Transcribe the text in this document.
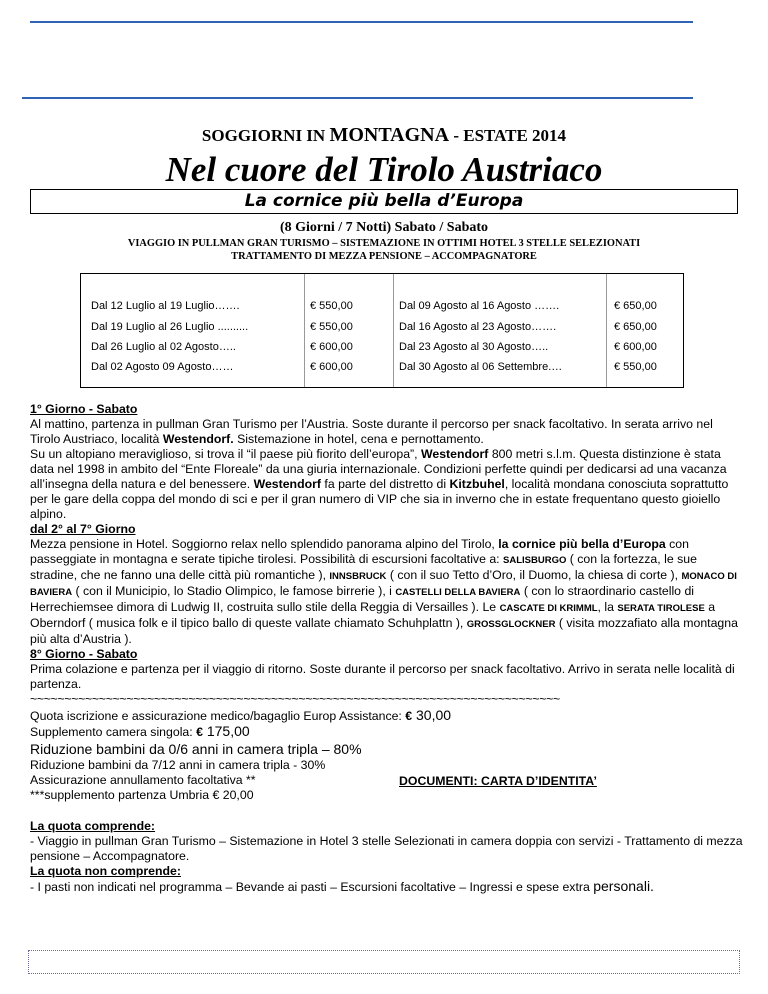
SOGGIORNI IN MONTAGNA - ESTATE 2014
Nel cuore del Tirolo Austriaco
La cornice più bella d’Europa
(8 Giorni / 7 Notti) Sabato / Sabato
VIAGGIO IN PULLMAN GRAN TURISMO – SISTEMAZIONE IN OTTIMI HOTEL 3 STELLE SELEZIONATI
TRATTAMENTO DI MEZZA PENSIONE – ACCOMPAGNATORE
Dal 12 Luglio al 19 Luglio…….	€ 550,00	Dal 09 Agosto al 16 Agosto …….	€ 650,00
Dal 19 Luglio al 26 Luglio ..........	€ 550,00	Dal 16 Agosto al 23 Agosto…….	€ 650,00
Dal 26 Luglio al 02 Agosto…..	€ 600,00	Dal 23 Agosto al 30 Agosto…..	€ 600,00
Dal 02 Agosto 09 Agosto……	€ 600,00	Dal 30 Agosto al 06 Settembre.…	€ 550,00

1° Giorno - Sabato

Al mattino, partenza in pullman Gran Turismo per l’Austria. Soste durante il percorso per snack facoltativo. In serata arrivo nel Tirolo Austriaco, località Westendorf. Sistemazione in hotel, cena e pernottamento.

Su un altopiano meraviglioso, si trova il “il paese più fiorito dell’europa”, Westendorf 800 metri s.l.m. Questa distinzione è stata data nel 1998 in ambito del “Ente Floreale” da una giuria internazionale. Condizioni perfette quindi per dedicarsi ad una vacanza all’insegna della natura e del benessere. Westendorf fa parte del distretto di Kitzbuhel, località mondana conosciuta soprattutto per le gare della coppa del mondo di sci e per il gran numero di VIP che sia in inverno che in estate frequentano questo gioiello alpino.

dal 2° al 7° Giorno

Mezza pensione in Hotel. Soggiorno relax nello splendido panorama alpino del Tirolo, la cornice più bella d’Europa con passeggiate in montagna e serate tipiche tirolesi. Possibilità di escursioni facoltative a: SALISBURGO ( con la fortezza, le sue stradine, che ne fanno una delle città più romantiche ), INNSBRUCK ( con il suo Tetto d’Oro, il Duomo, la chiesa di corte ), MONACO DI BAVIERA ( con il Municipio, lo Stadio Olimpico, le famose birrerie ), i CASTELLI DELLA BAVIERA ( con lo straordinario castello di Herrechiemsee dimora di Ludwig II, costruita sullo stile della Reggia di Versailles ). Le CASCATE DI KRIMML, la SERATA TIROLESE a Oberndorf ( musica folk e il tipico ballo di queste vallate chiamato Schuhplattn ), GROSSGLOCKNER ( visita mozzafiato alla montagna più alta d’Austria ).

8° Giorno - Sabato

Prima colazione e partenza per il viaggio di ritorno. Soste durante il percorso per snack facoltativo. Arrivo in serata nelle località di partenza.

~~~~~~~~~~~~~~~~~~~~~~~~~~~~~~~~~~~~~~~~~~~~~~~~~~~~~~~~~~~~~~~~~~~~~~~~~~~~~

Quota iscrizione e assicurazione medico/bagaglio Europ Assistance: € 30,00

Supplemento camera singola: € 175,00

Riduzione bambini da 0/6 anni in camera tripla – 80%

Riduzione bambini da 7/12 anni in camera tripla - 30%

Assicurazione annullamento facoltativa **	DOCUMENTI: CARTA D’IDENTITA’

***supplemento partenza Umbria € 20,00

La quota comprende:

- Viaggio in pullman Gran Turismo – Sistemazione in Hotel 3 stelle Selezionati in camera doppia con servizi - Trattamento di mezza pensione – Accompagnatore.

La quota non comprende:

- I pasti non indicati nel programma – Bevande ai pasti – Escursioni facoltative – Ingressi e spese extra personali.
